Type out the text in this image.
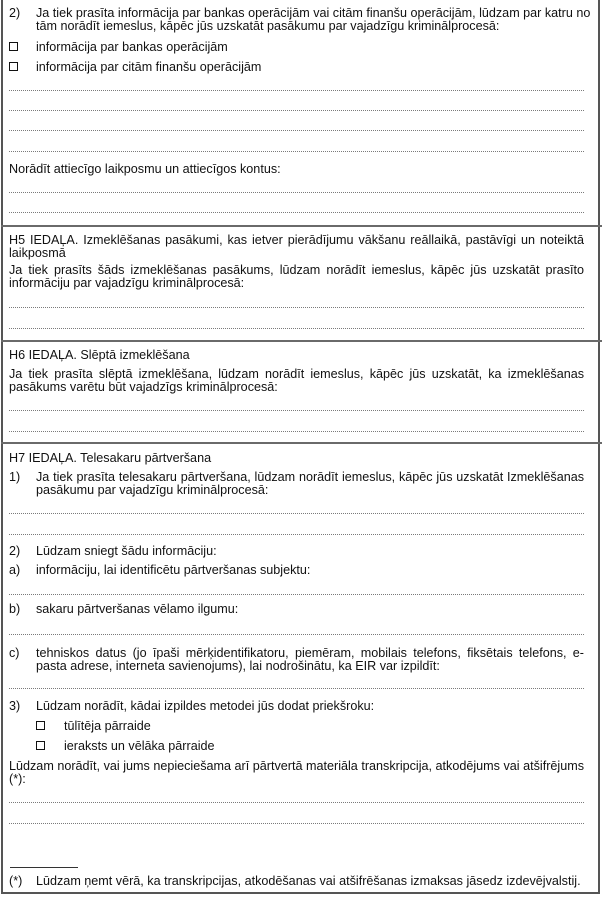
2) Ja tiek prasīta informācija par bankas operācijām vai citām finanšu operācijām, lūdzam par katru no
tām norādīt iemeslus, kāpēc jūs uzskatāt pasākumu par vajadzīgu kriminālprocesā:
informācija par bankas operācijām
informācija par citām finanšu operācijām
Norādīt attiecīgo laikposmu un attiecīgos kontus:
H5 IEDAĻA. Izmeklēšanas pasākumi, kas ietver pierādījumu vākšanu reāllaikā, pastāvīgi un noteiktā laikposmā
Ja tiek prasīts šāds izmeklēšanas pasākums, lūdzam norādīt iemeslus, kāpēc jūs uzskatāt prasīto informāciju par vajadzīgu kriminālprocesā:
H6 IEDAĻA. Slēptā izmeklēšana
Ja tiek prasīta slēptā izmeklēšana, lūdzam norādīt iemeslus, kāpēc jūs uzskatāt, ka izmeklēšanas pasākums varētu būt vajadzīgs kriminālprocesā:
H7 IEDAĻA. Telesakaru pārtveršana
1) Ja tiek prasīta telesakaru pārtveršana, lūdzam norādīt iemeslus, kāpēc jūs uzskatāt Izmeklēšanas pasākumu par vajadzīgu kriminālprocesā:
2) Lūdzam sniegt šādu informāciju:
a) informāciju, lai identificētu pārtveršanas subjektu:
b) sakaru pārtveršanas vēlamo ilgumu:
c) tehniskos datus (jo īpaši mērķidentifikatoru, piemēram, mobilais telefons, fiksētais telefons, e-pasta adrese, interneta savienojums), lai nodrošinātu, ka EIR var izpildīt:
3) Lūdzam norādīt, kādai izpildes metodei jūs dodat priekšroku:
tūlītēja pārraide
ieraksts un vēlāka pārraide
Lūdzam norādīt, vai jums nepieciešama arī pārtvertā materiāla transkripcija, atkodējums vai atšifrējums (*):
(*) Lūdzam ņemt vērā, ka transkripcijas, atkodēšanas vai atšifrēšanas izmaksas jāsedz izdevējvalstij.
